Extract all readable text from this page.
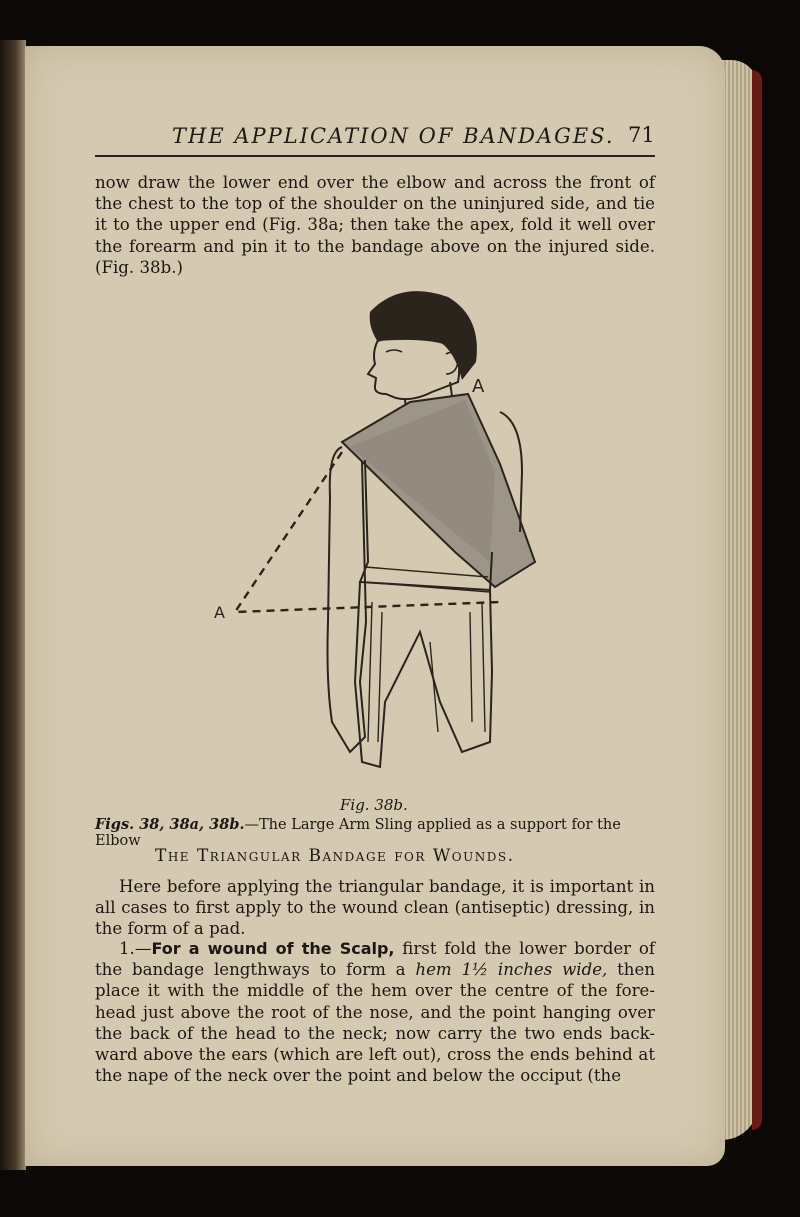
THE APPLICATION OF BANDAGES. 71
now draw the lower end over the elbow and across the front of the chest to the top of the shoulder on the uninjured side, and tie it to the upper end (Fig. 38a; then take the apex, fold it well over the forearm and pin it to the bandage above on the injured side. (Fig. 38b.)
A
A
Fig. 38b.
Figs. 38, 38a, 38b.—The Large Arm Sling applied as a support for the Elbow
The Triangular Bandage for Wounds.
Here before applying the triangular bandage, it is important in all cases to first apply to the wound clean (antiseptic) dressing, in the form of a pad.
1.—For a wound of the Scalp, first fold the lower border of the bandage lengthways to form a hem 1½ inches wide, then place it with the middle of the hem over the centre of the fore-head just above the root of the nose, and the point hanging over the back of the head to the neck; now carry the two ends back-ward above the ears (which are left out), cross the ends behind at the nape of the neck over the point and below the occiput (the
